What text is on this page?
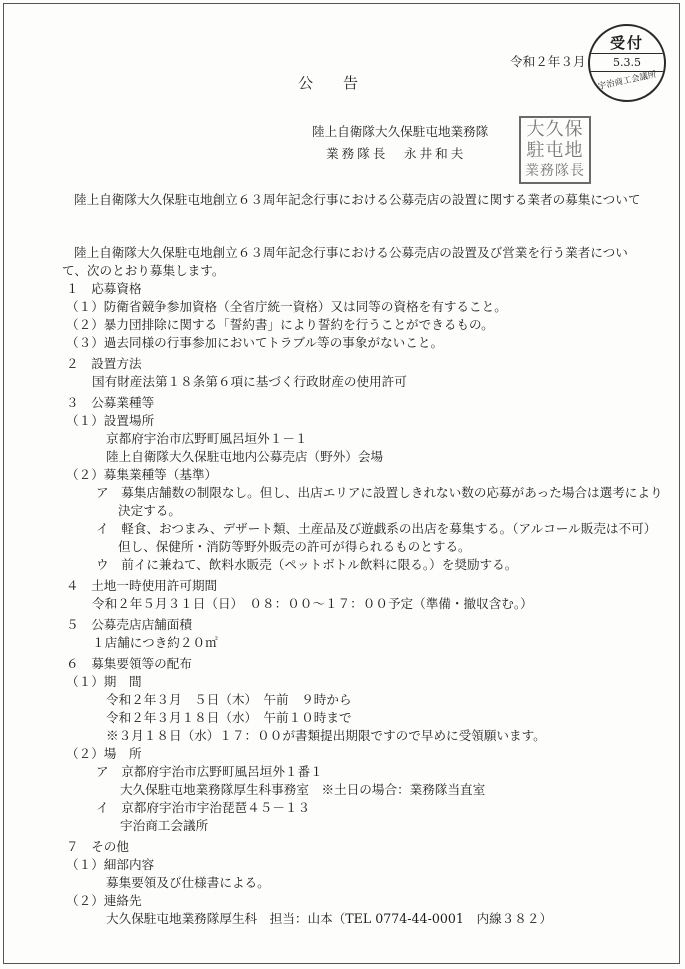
受付
5.3.5
宇治商工会議所
令和２年３月
公告
陸上自衛隊大久保駐屯地業務隊
業務隊長　永井和夫
大久保
駐屯地
業務隊長
陸上自衛隊大久保駐屯地創立６３周年記念行事における公募売店の設置に関する業者の募集について
陸上自衛隊大久保駐屯地創立６３周年記念行事における公募売店の設置及び営業を行う業者について、次のとおり募集します。
１　応募資格
（１）防衛省競争参加資格（全省庁統一資格）又は同等の資格を有すること。
（２）暴力団排除に関する「誓約書」により誓約を行うことができるもの。
（３）過去同様の行事参加においてトラブル等の事象がないこと。
２　設置方法
国有財産法第１８条第６項に基づく行政財産の使用許可
３　公募業種等
（１）設置場所
京都府宇治市広野町風呂垣外１－１
陸上自衛隊大久保駐屯地内公募売店（野外）会場
（２）募集業種等（基準）
ア　募集店舗数の制限なし。但し、出店エリアに設置しきれない数の応募があった場合は選考により決定する。
イ　軽食、おつまみ、デザート類、土産品及び遊戯系の出店を募集する。（アルコール販売は不可）但し、保健所・消防等野外販売の許可が得られるものとする。
ウ　前イに兼ねて、飲料水販売（ペットボトル飲料に限る。）を奨励する。
４　土地一時使用許可期間
令和２年５月３１日（日）　０８：００～１７：００予定（準備・撤収含む。）
５　公募売店店舗面積
１店舗につき約２０㎡
６　募集要領等の配布
（１）期　間
令和２年３月　５日（木）　午前　９時から
令和２年３月１８日（水）　午前１０時まで
※３月１８日（水）１７：００が書類提出期限ですので早めに受領願います。
（２）場　所
ア　京都府宇治市広野町風呂垣外１番１
大久保駐屯地業務隊厚生科事務室　※土日の場合：業務隊当直室
イ　京都府宇治市宇治琵琶４５－１３
宇治商工会議所
７　その他
（１）細部内容
募集要領及び仕様書による。
（２）連絡先
大久保駐屯地業務隊厚生科　担当：山本（TEL 0774-44-0001　内線３８２）
